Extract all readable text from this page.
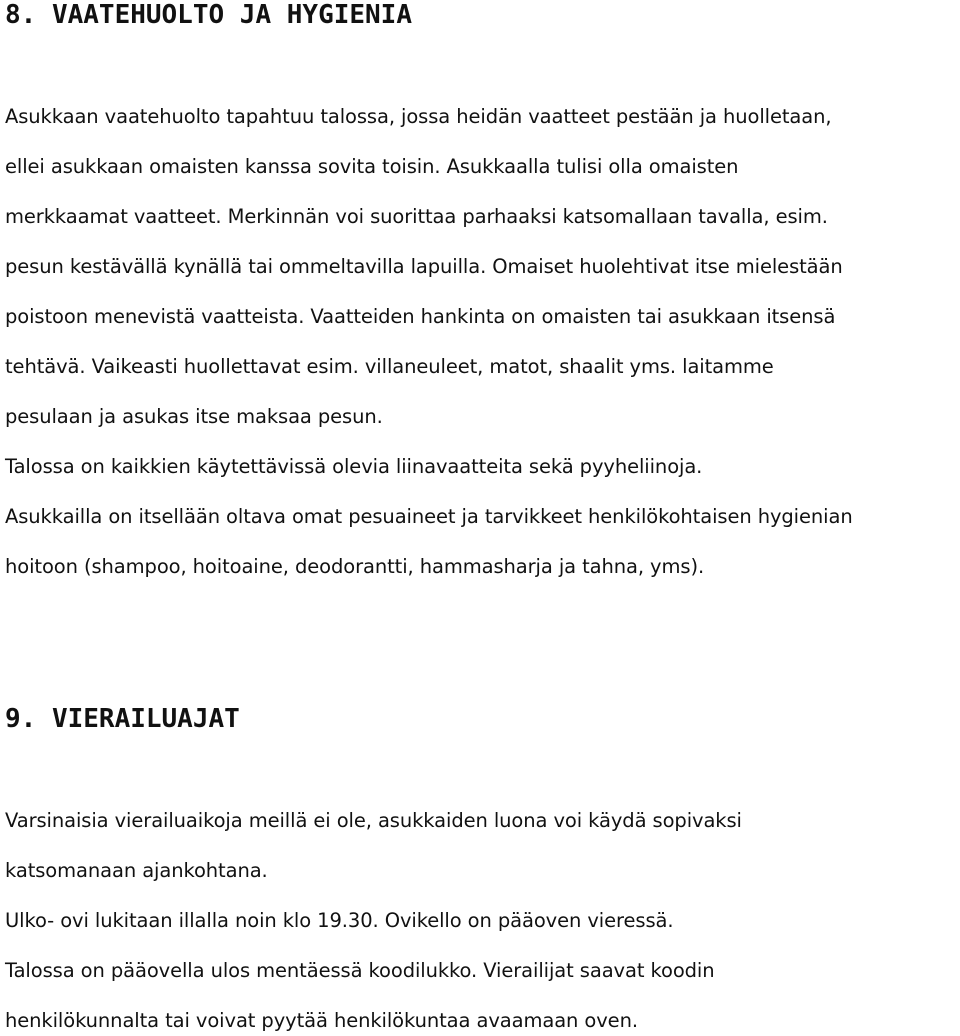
8. VAATEHUOLTO JA HYGIENIA

Asukkaan vaatehuolto tapahtuu talossa, jossa heidän vaatteet pestään ja huolletaan,

ellei asukkaan omaisten kanssa sovita toisin. Asukkaalla tulisi olla omaisten

merkkaamat vaatteet. Merkinnän voi suorittaa parhaaksi katsomallaan tavalla, esim.

pesun kestävällä kynällä tai ommeltavilla lapuilla. Omaiset huolehtivat itse mielestään

poistoon menevistä vaatteista. Vaatteiden hankinta on omaisten tai asukkaan itsensä

tehtävä. Vaikeasti huollettavat esim. villaneuleet, matot, shaalit yms. laitamme

pesulaan ja asukas itse maksaa pesun.

Talossa on kaikkien käytettävissä olevia liinavaatteita sekä pyyheliinoja.

Asukkailla on itsellään oltava omat pesuaineet ja tarvikkeet henkilökohtaisen hygienian

hoitoon (shampoo, hoitoaine, deodorantti, hammasharja ja tahna, yms).

9. VIERAILUAJAT

Varsinaisia vierailuaikoja meillä ei ole, asukkaiden luona voi käydä sopivaksi

katsomanaan ajankohtana.

Ulko- ovi lukitaan illalla noin klo 19.30. Ovikello on pääoven vieressä.

Talossa on pääovella ulos mentäessä koodilukko. Vierailijat saavat koodin

henkilökunnalta tai voivat pyytää henkilökuntaa avaamaan oven.
